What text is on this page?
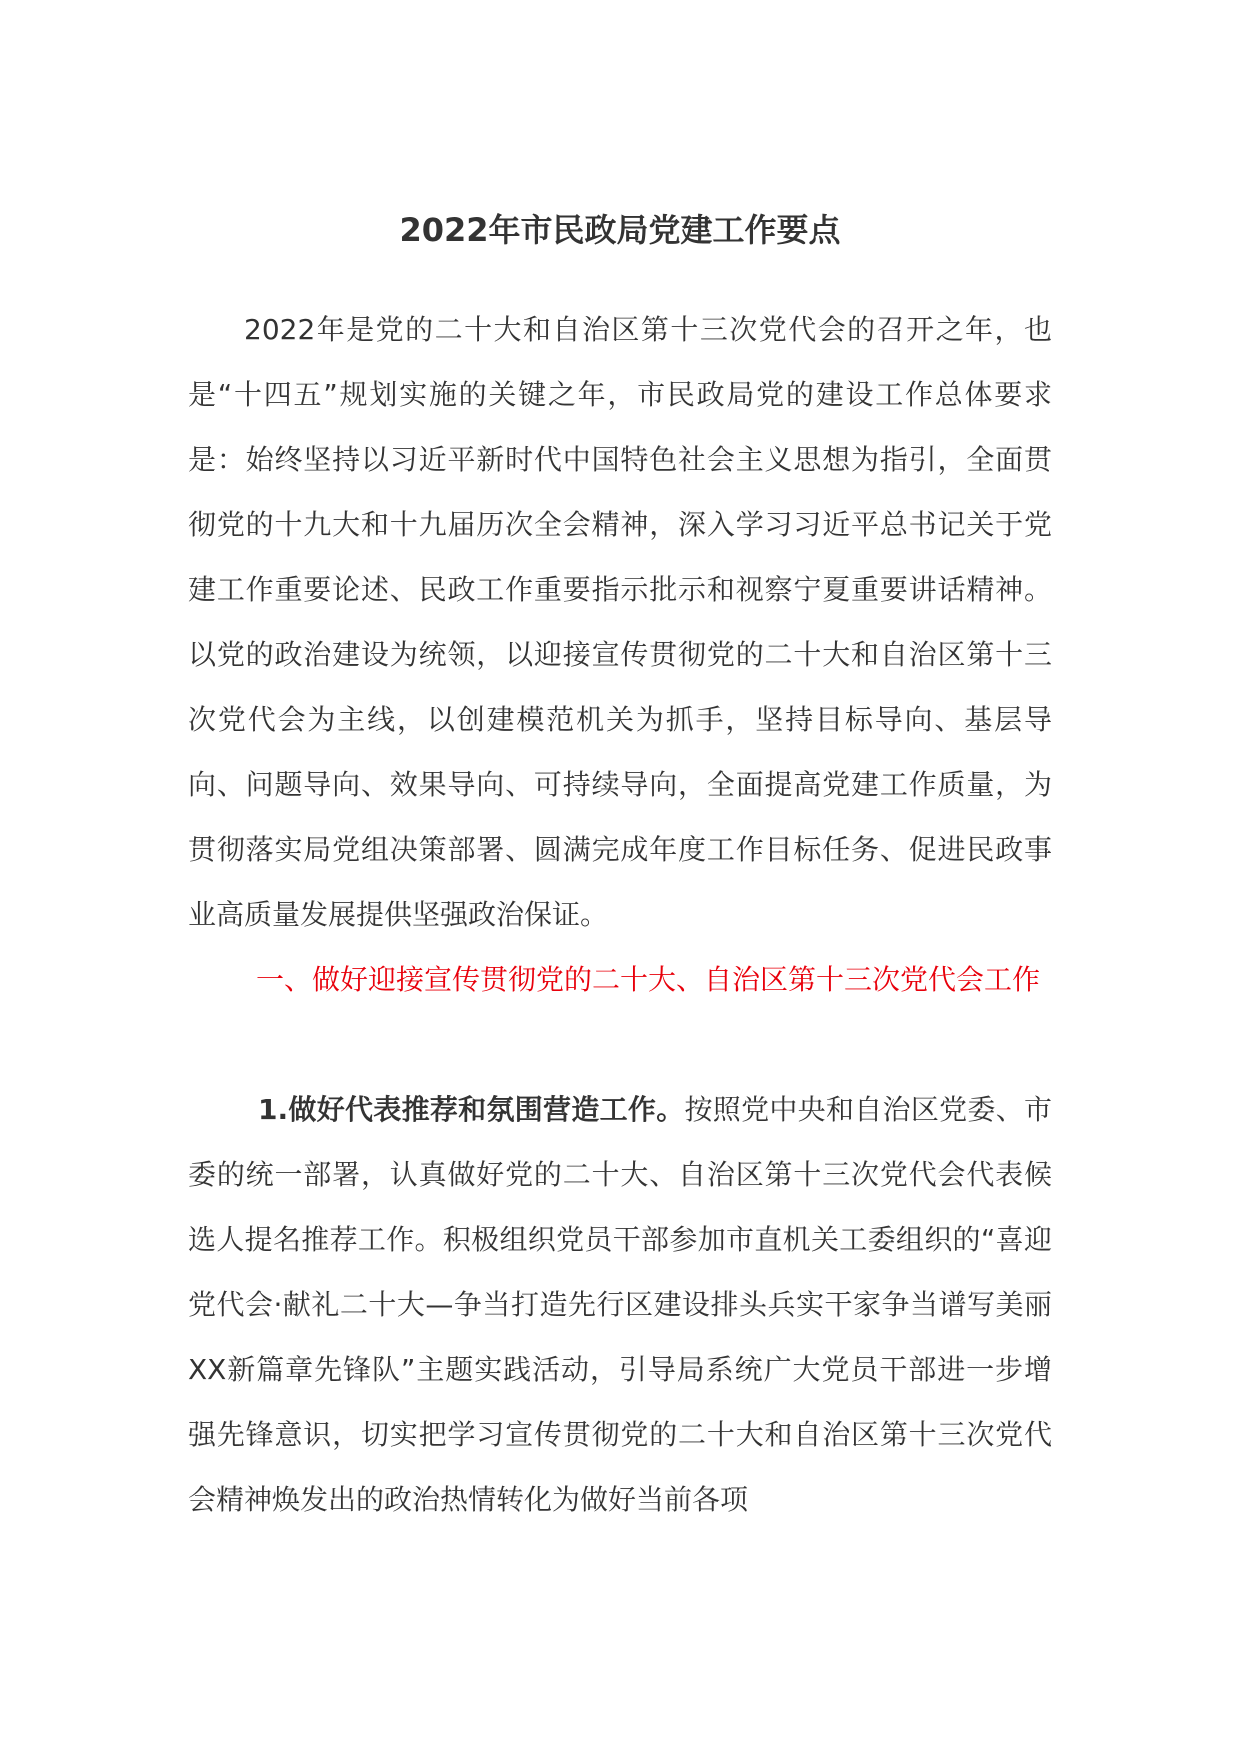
2022年市民政局党建工作要点

2022年是党的二十大和自治区第十三次党代会的召开之年，也是“十四五”规划实施的关键之年，市民政局党的建设工作总体要求是：始终坚持以习近平新时代中国特色社会主义思想为指引，全面贯彻党的十九大和十九届历次全会精神，深入学习习近平总书记关于党建工作重要论述、民政工作重要指示批示和视察宁夏重要讲话精神。以党的政治建设为统领，以迎接宣传贯彻党的二十大和自治区第十三次党代会为主线，以创建模范机关为抓手，坚持目标导向、基层导向、问题导向、效果导向、可持续导向，全面提高党建工作质量，为贯彻落实局党组决策部署、圆满完成年度工作目标任务、促进民政事业高质量发展提供坚强政治保证。

一、做好迎接宣传贯彻党的二十大、自治区第十三次党代会工作

1.做好代表推荐和氛围营造工作。按照党中央和自治区党委、市委的统一部署，认真做好党的二十大、自治区第十三次党代会代表候选人提名推荐工作。积极组织党员干部参加市直机关工委组织的“喜迎党代会·献礼二十大—争当打造先行区建设排头兵实干家争当谱写美丽XX新篇章先锋队”主题实践活动，引导局系统广大党员干部进一步增强先锋意识，切实把学习宣传贯彻党的二十大和自治区第十三次党代会精神焕发出的政治热情转化为做好当前各项
